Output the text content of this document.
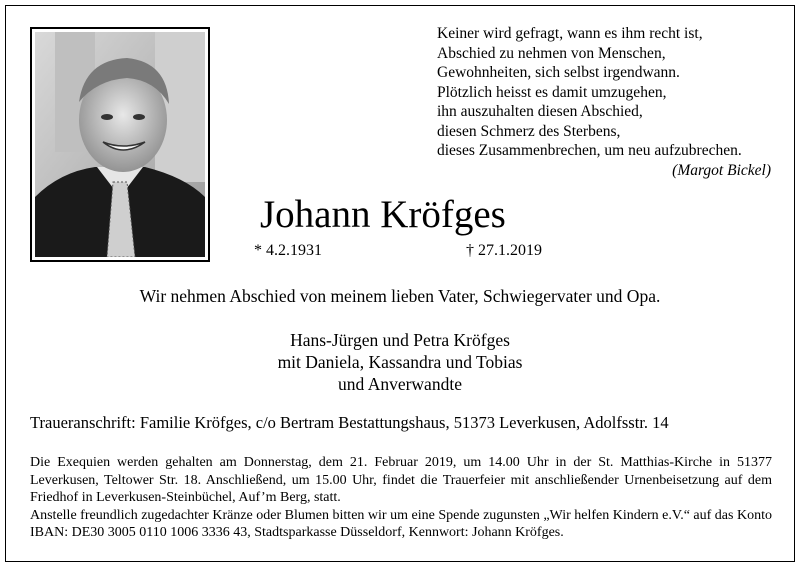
Keiner wird gefragt, wann es ihm recht ist,
Abschied zu nehmen von Menschen,
Gewohnheiten, sich selbst irgendwann.
Plötzlich heisst es damit umzugehen,
ihn auszuhalten diesen Abschied,
diesen Schmerz des Sterbens,
dieses Zusammenbrechen, um neu aufzubrechen.
(Margot Bickel)
Johann Kröfges
* 4.2.1931	† 27.1.2019
Wir nehmen Abschied von meinem lieben Vater, Schwiegervater und Opa.
Hans-Jürgen und Petra Kröfges
mit Daniela, Kassandra und Tobias
und Anverwandte
Traueranschrift: Familie Kröfges, c/o Bertram Bestattungshaus, 51373 Leverkusen, Adolfsstr. 14

Die Exequien werden gehalten am Donnerstag, dem 21. Februar 2019, um 14.00 Uhr in der St. Matthias-Kirche in 51377 Leverkusen, Teltower Str. 18. Anschließend, um 15.00 Uhr, findet die Trauerfeier mit anschließender Urnenbeisetzung auf dem Friedhof in Leverkusen-Steinbüchel, Auf’m Berg, statt.

Anstelle freundlich zugedachter Kränze oder Blumen bitten wir um eine Spende zugunsten „Wir helfen Kindern e.V.“ auf das Konto IBAN: DE30 3005 0110 1006 3336 43, Stadtsparkasse Düsseldorf, Kennwort: Johann Kröfges.
